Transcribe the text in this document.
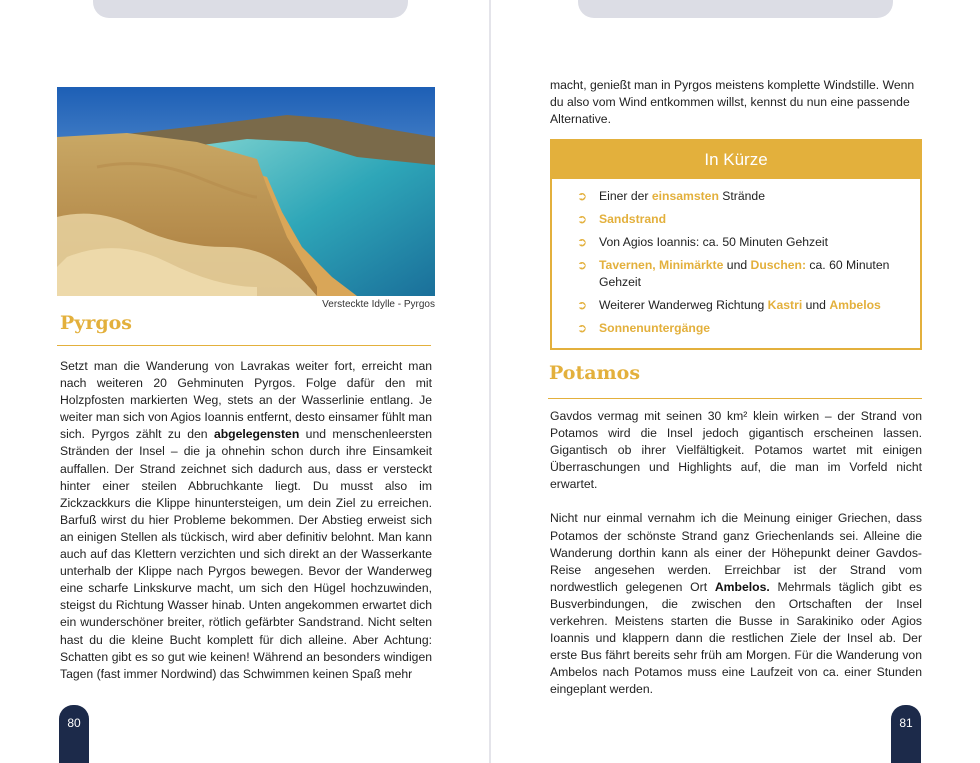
Versteckte Idylle - Pyrgos
Pyrgos

Setzt man die Wanderung von Lavrakas weiter fort, erreicht man nach weiteren 20 Gehminuten Pyrgos. Folge dafür den mit Holzpfosten markierten Weg, stets an der Wasserlinie entlang. Je weiter man sich von Agios Ioannis entfernt, desto einsamer fühlt man sich. Pyrgos zählt zu den abgelegensten und menschenleersten Stränden der Insel – die ja ohnehin schon durch ihre Einsamkeit auffallen. Der Strand zeichnet sich dadurch aus, dass er versteckt hinter einer steilen Abbruchkante liegt. Du musst also im Zickzackkurs die Klippe hinuntersteigen, um dein Ziel zu erreichen. Barfuß wirst du hier Probleme bekommen. Der Abstieg erweist sich an einigen Stellen als tückisch, wird aber definitiv belohnt. Man kann auch auf das Klettern verzichten und sich direkt an der Wasserkante unterhalb der Klippe nach Pyrgos bewegen. Bevor der Wanderweg eine scharfe Linkskurve macht, um sich den Hügel hochzuwinden, steigst du Richtung Wasser hinab. Unten angekommen erwartet dich ein wunderschöner breiter, rötlich gefärbter Sandstrand. Nicht selten hast du die kleine Bucht komplett für dich alleine. Aber Achtung: Schatten gibt es so gut wie keinen! Während an besonders windigen Tagen (fast immer Nordwind) das Schwimmen keinen Spaß mehr

80
macht, genießt man in Pyrgos meistens komplette Windstille. Wenn du also vom Wind entkommen willst, kennst du nun eine passende Alternative.
In Kürze
➲ Einer der einsamsten Strände
➲ Sandstrand
➲ Von Agios Ioannis: ca. 50 Minuten Gehzeit
➲ Tavernen, Minimärkte und Duschen: ca. 60 Minuten Gehzeit
➲ Weiterer Wanderweg Richtung Kastri und Ambelos
➲ Sonnenuntergänge
Potamos

Gavdos vermag mit seinen 30 km² klein wirken – der Strand von Potamos wird die Insel jedoch gigantisch erscheinen lassen. Gigantisch ob ihrer Vielfältigkeit. Potamos wartet mit einigen Überraschungen und Highlights auf, die man im Vorfeld nicht erwartet.

Nicht nur einmal vernahm ich die Meinung einiger Griechen, dass Potamos der schönste Strand ganz Griechenlands sei. Alleine die Wanderung dorthin kann als einer der Höhepunkt deiner Gavdos-Reise angesehen werden. Erreichbar ist der Strand vom nordwestlich gelegenen Ort Ambelos. Mehrmals täglich gibt es Busverbindungen, die zwischen den Ortschaften der Insel verkehren. Meistens starten die Busse in Sarakiniko oder Agios Ioannis und klappern dann die restlichen Ziele der Insel ab. Der erste Bus fährt bereits sehr früh am Morgen. Für die Wanderung von Ambelos nach Potamos muss eine Laufzeit von ca. einer Stunden eingeplant werden.

81
